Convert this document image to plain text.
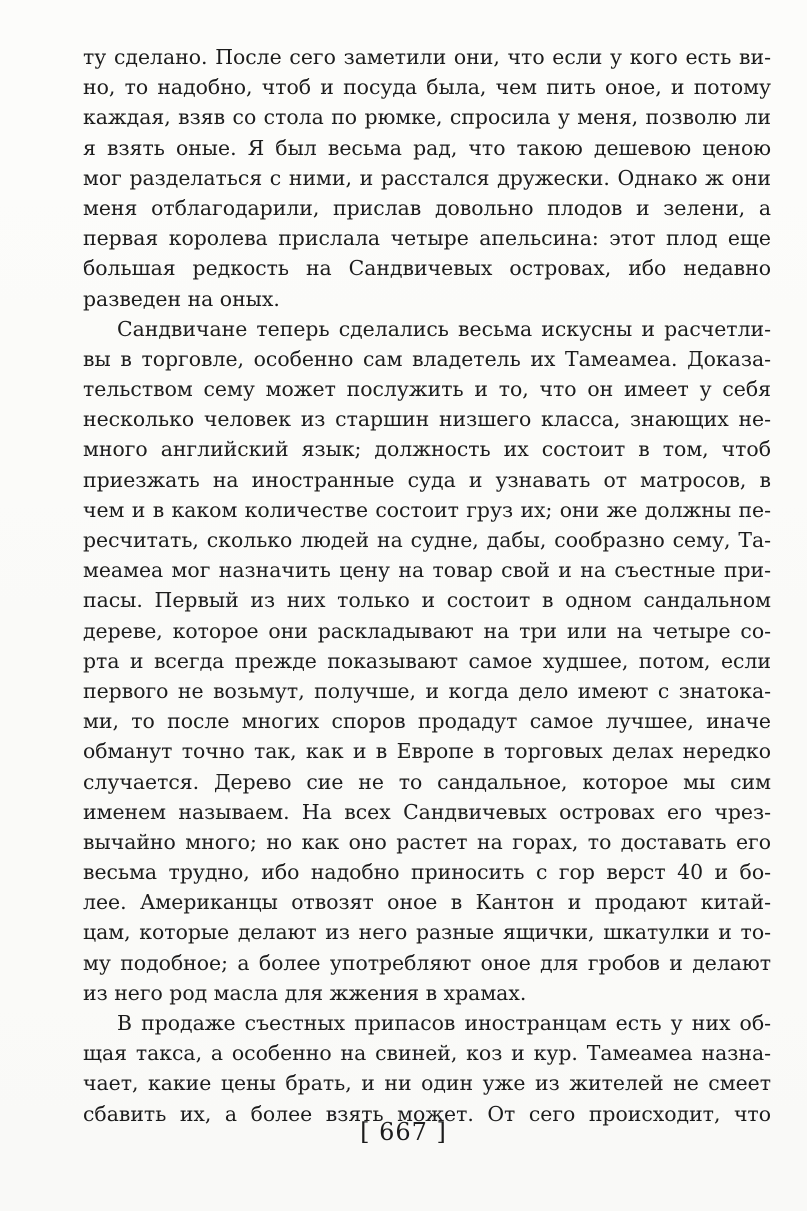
ту сделано. После сего заметили они, что если у кого есть ви-
но, то надобно, чтоб и посуда была, чем пить оное, и потому
каждая, взяв со стола по рюмке, спросила у меня, позволю ли
я взять оные. Я был весьма рад, что такою дешевою ценою
мог разделаться с ними, и расстался дружески. Однако ж они
меня отблагодарили, прислав довольно плодов и зелени, а
первая королева прислала четыре апельсина: этот плод еще
большая редкость на Сандвичевых островах, ибо недавно
разведен на оных.
Сандвичане теперь сделались весьма искусны и расчетли-
вы в торговле, особенно сам владетель их Тамеамеа. Доказа-
тельством сему может послужить и то, что он имеет у себя
несколько человек из старшин низшего класса, знающих не-
много английский язык; должность их состоит в том, чтоб
приезжать на иностранные суда и узнавать от матросов, в
чем и в каком количестве состоит груз их; они же должны пе-
ресчитать, сколько людей на судне, дабы, сообразно сему, Та-
меамеа мог назначить цену на товар свой и на съестные при-
пасы. Первый из них только и состоит в одном сандальном
дереве, которое они раскладывают на три или на четыре со-
рта и всегда прежде показывают самое худшее, потом, если
первого не возьмут, получше, и когда дело имеют с знатока-
ми, то после многих споров продадут самое лучшее, иначе
обманут точно так, как и в Европе в торговых делах нередко
случается. Дерево сие не то сандальное, которое мы сим
именем называем. На всех Сандвичевых островах его чрез-
вычайно много; но как оно растет на горах, то доставать его
весьма трудно, ибо надобно приносить с гор верст 40 и бо-
лее. Американцы отвозят оное в Кантон и продают китай-
цам, которые делают из него разные ящички, шкатулки и то-
му подобное; а более употребляют оное для гробов и делают
из него род масла для жжения в храмах.
В продаже съестных припасов иностранцам есть у них об-
щая такса, а особенно на свиней, коз и кур. Тамеамеа назна-
чает, какие цены брать, и ни один уже из жителей не смеет
сбавить их, а более взять может. От сего происходит, что
[ 667 ]
